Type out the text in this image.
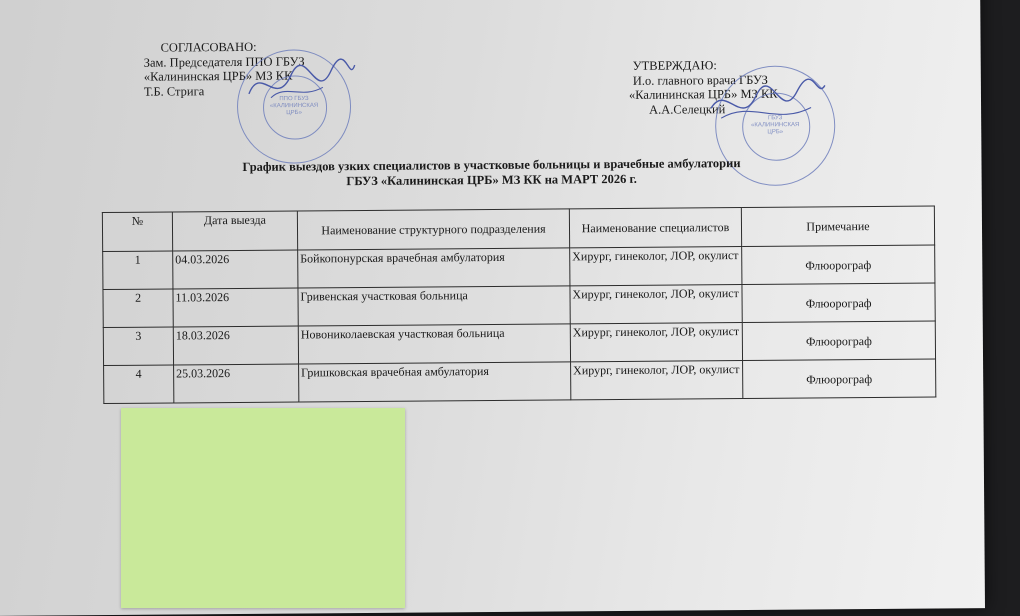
СОГЛАСОВАНО:
Зам. Председателя ППО ГБУЗ
«Калининская ЦРБ» МЗ КК
Т.Б. Стрига
ППО ГБУЗ
«КАЛИНИНСКАЯ
ЦРБ»
УТВЕРЖДАЮ:
И.о. главного врача ГБУЗ
«Калининская ЦРБ» МЗ КК
А.А.Селецкий
ГБУЗ
«КАЛИНИНСКАЯ
ЦРБ»
График выездов узких специалистов в участковые больницы и врачебные амбулатории
ГБУЗ «Калининская ЦРБ» МЗ КК на МАРТ 2026 г.
№	Дата выезда	Наименование структурного подразделения	Наименование специалистов	Примечание
1	04.03.2026	Бойкопонурская врачебная амбулатория	Хирург, гинеколог, ЛОР, окулист	Флюорограф
2	11.03.2026	Гривенская участковая больница	Хирург, гинеколог, ЛОР, окулист	Флюорограф
3	18.03.2026	Новониколаевская участковая больница	Хирург, гинеколог, ЛОР, окулист	Флюорограф
4	25.03.2026	Гришковская врачебная амбулатория	Хирург, гинеколог, ЛОР, окулист	Флюорограф
